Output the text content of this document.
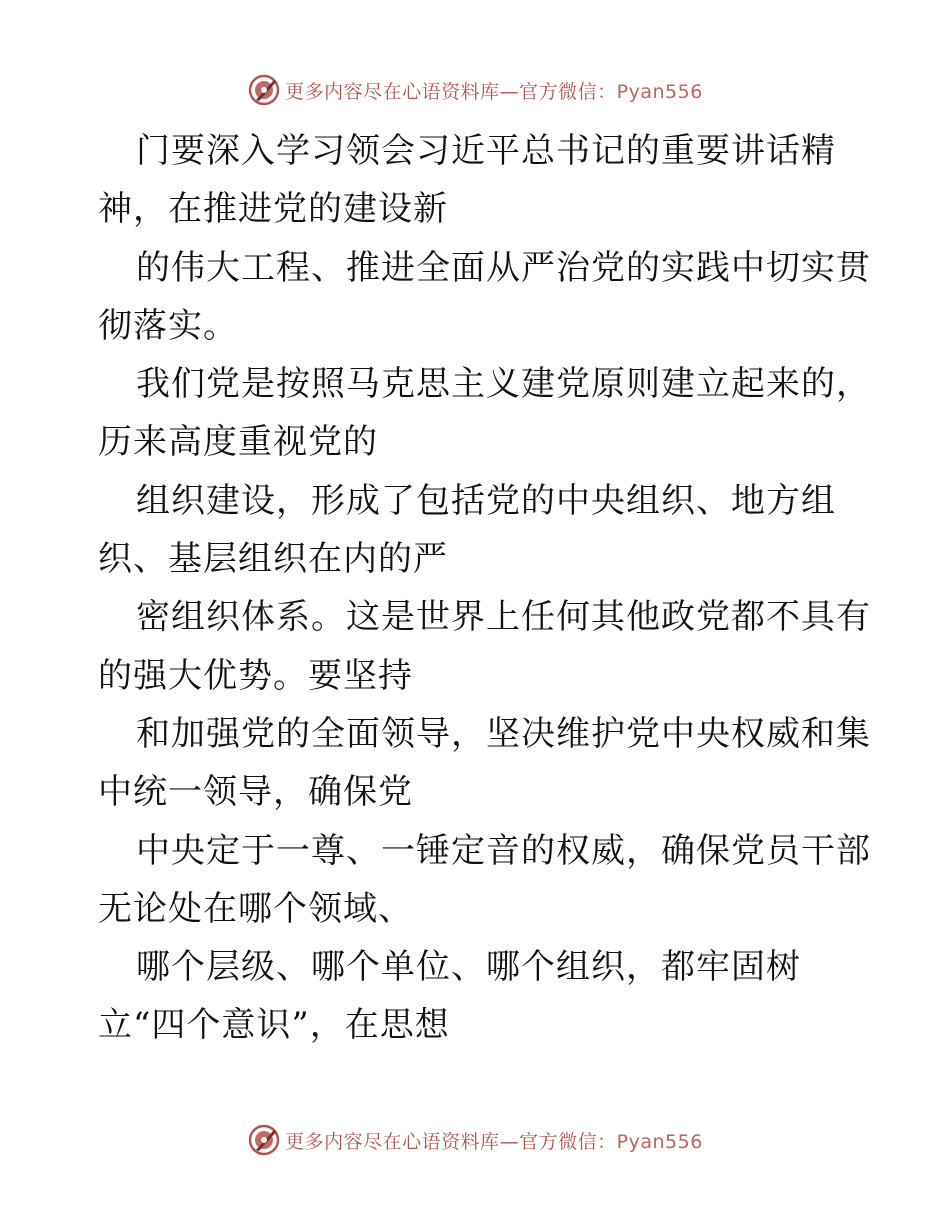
更多内容尽在心语资料库—官方微信：Pyan556
门要深入学习领会习近平总书记的重要讲话精
神，在推进党的建设新
的伟大工程、推进全面从严治党的实践中切实贯
彻落实。
我们党是按照马克思主义建党原则建立起来的，
历来高度重视党的
组织建设，形成了包括党的中央组织、地方组
织、基层组织在内的严
密组织体系。这是世界上任何其他政党都不具有
的强大优势。要坚持
和加强党的全面领导，坚决维护党中央权威和集
中统一领导，确保党
中央定于一尊、一锤定音的权威，确保党员干部
无论处在哪个领域、
哪个层级、哪个单位、哪个组织，都牢固树
立“四个意识”，在思想
更多内容尽在心语资料库—官方微信：Pyan556
